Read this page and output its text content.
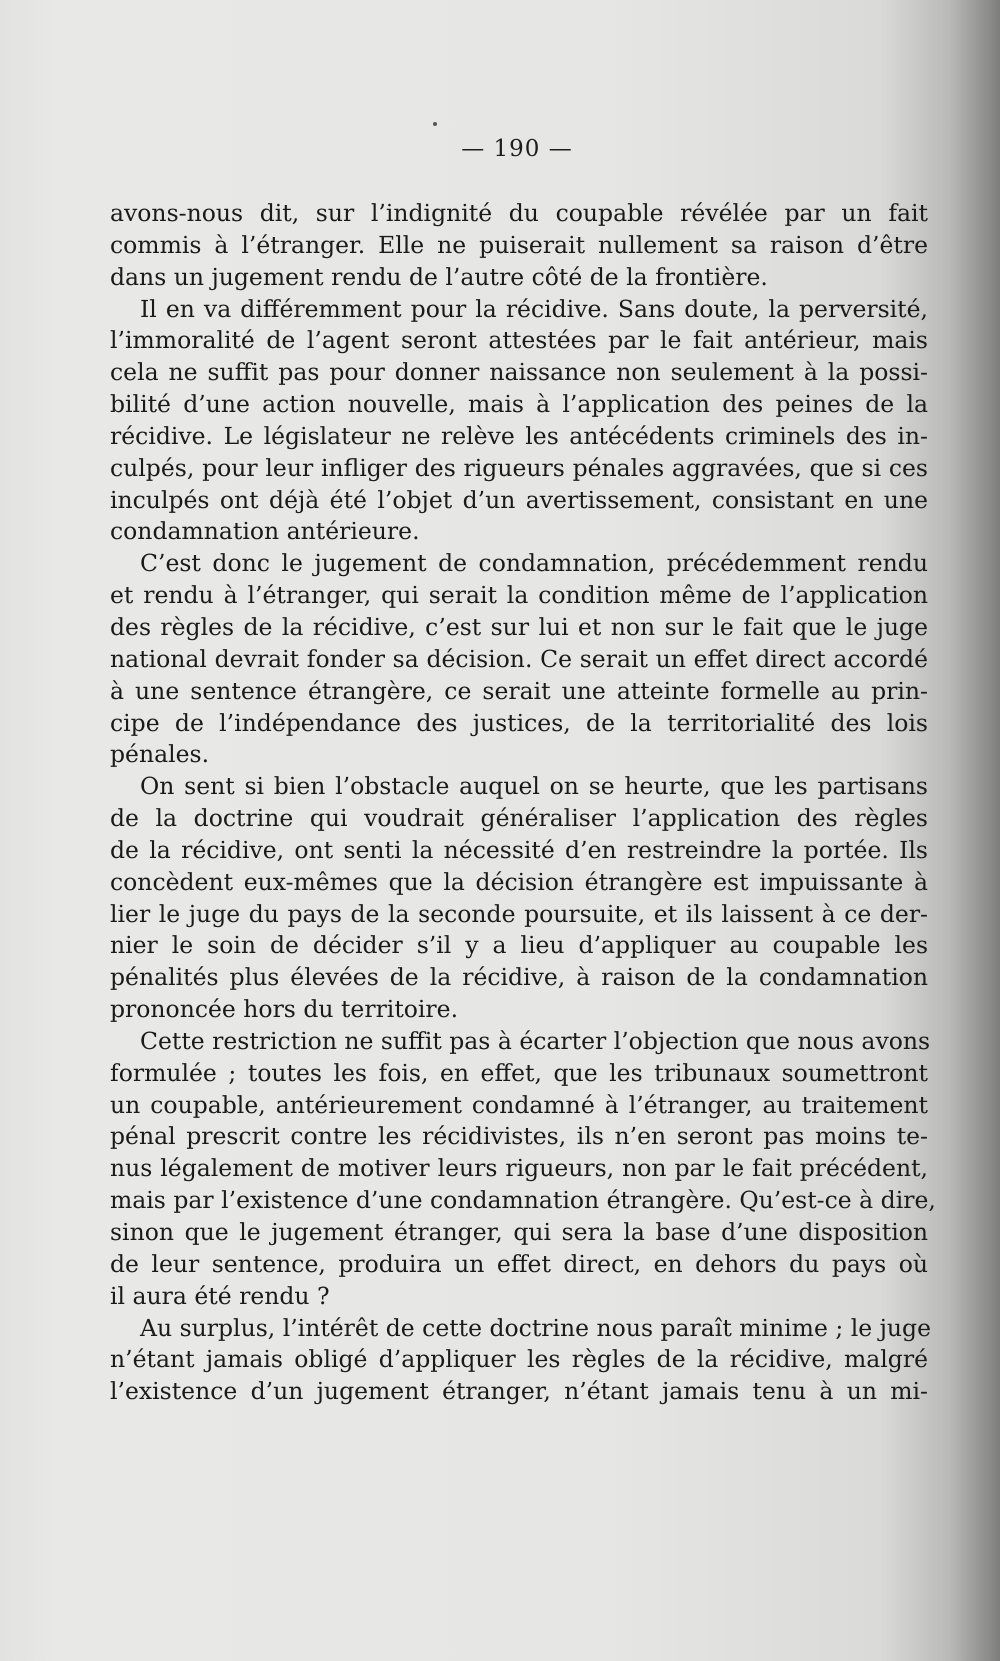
— 190 —
avons-nous dit, sur l’indignité du coupable révélée par un fait
commis à l’étranger. Elle ne puiserait nullement sa raison d’être
dans un jugement rendu de l’autre côté de la frontière.
Il en va différemment pour la récidive. Sans doute, la perversité,
l’immoralité de l’agent seront attestées par le fait antérieur, mais
cela ne suffit pas pour donner naissance non seulement à la possi-
bilité d’une action nouvelle, mais à l’application des peines de la
récidive. Le législateur ne relève les antécédents criminels des in-
culpés, pour leur infliger des rigueurs pénales aggravées, que si ces
inculpés ont déjà été l’objet d’un avertissement, consistant en une
condamnation antérieure.
C’est donc le jugement de condamnation, précédemment rendu
et rendu à l’étranger, qui serait la condition même de l’application
des règles de la récidive, c’est sur lui et non sur le fait que le juge
national devrait fonder sa décision. Ce serait un effet direct accordé
à une sentence étrangère, ce serait une atteinte formelle au prin-
cipe de l’indépendance des justices, de la territorialité des lois
pénales.
On sent si bien l’obstacle auquel on se heurte, que les partisans
de la doctrine qui voudrait généraliser l’application des règles
de la récidive, ont senti la nécessité d’en restreindre la portée. Ils
concèdent eux-mêmes que la décision étrangère est impuissante à
lier le juge du pays de la seconde poursuite, et ils laissent à ce der-
nier le soin de décider s’il y a lieu d’appliquer au coupable les
pénalités plus élevées de la récidive, à raison de la condamnation
prononcée hors du territoire.
Cette restriction ne suffit pas à écarter l’objection que nous avons
formulée ; toutes les fois, en effet, que les tribunaux soumettront
un coupable, antérieurement condamné à l’étranger, au traitement
pénal prescrit contre les récidivistes, ils n’en seront pas moins te-
nus légalement de motiver leurs rigueurs, non par le fait précédent,
mais par l’existence d’une condamnation étrangère. Qu’est-ce à dire,
sinon que le jugement étranger, qui sera la base d’une disposition
de leur sentence, produira un effet direct, en dehors du pays où
il aura été rendu ?
Au surplus, l’intérêt de cette doctrine nous paraît minime ; le juge
n’étant jamais obligé d’appliquer les règles de la récidive, malgré
l’existence d’un jugement étranger, n’étant jamais tenu à un mi-
